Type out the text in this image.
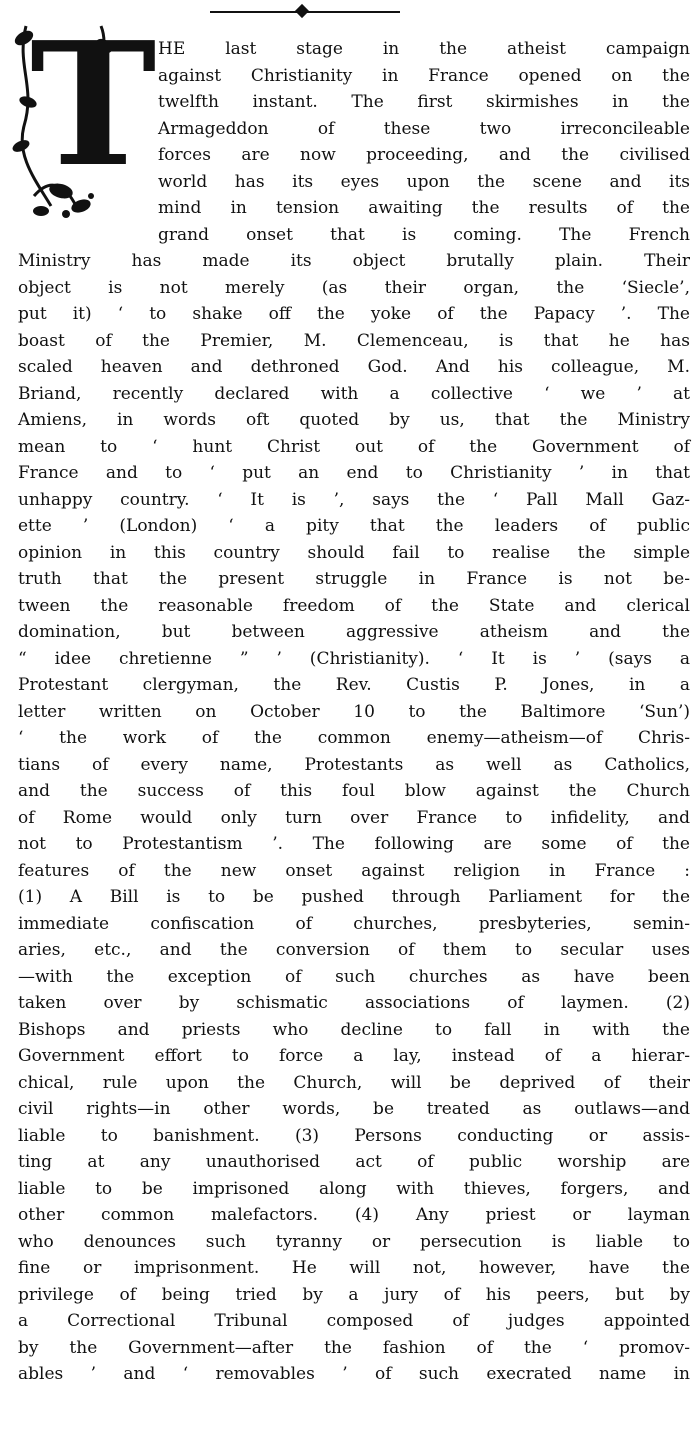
T HE last stage in the atheist campaign
against Christianity in France opened on the
twelfth instant. The first skirmishes in the
Armageddon of these two irreconcileable
forces are now proceeding, and the civilised
world has its eyes upon the scene and its
mind in tension awaiting the results of the
grand onset that is coming. The French
Ministry has made its object brutally plain. Their
object is not merely (as their organ, the ‘Siecle’,
put it) ‘ to shake off the yoke of the Papacy ’. The
boast of the Premier, M. Clemenceau, is that he has
scaled heaven and dethroned God. And his colleague, M.
Briand, recently declared with a collective ‘ we ’ at
Amiens, in words oft quoted by us, that the Ministry
mean to ‘ hunt Christ out of the Government of
France and to ‘ put an end to Christianity ’ in that
unhappy country. ‘ It is ’, says the ‘ Pall Mall Gaz-
ette ’ (London) ‘ a pity that the leaders of public
opinion in this country should fail to realise the simple
truth that the present struggle in France is not be-
tween the reasonable freedom of the State and clerical
domination, but between aggressive atheism and the
“ idee chretienne ” ’ (Christianity). ‘ It is ’ (says a
Protestant clergyman, the Rev. Custis P. Jones, in a
letter written on October 10 to the Baltimore ‘Sun’)
‘ the work of the common enemy—atheism—of Chris-
tians of every name, Protestants as well as Catholics,
and the success of this foul blow against the Church
of Rome would only turn over France to infidelity, and
not to Protestantism ’. The following are some of the
features of the new onset against religion in France :
(1) A Bill is to be pushed through Parliament for the
immediate confiscation of churches, presbyteries, semin-
aries, etc., and the conversion of them to secular uses
—with the exception of such churches as have been
taken over by schismatic associations of laymen. (2)
Bishops and priests who decline to fall in with the
Government effort to force a lay, instead of a hierar-
chical, rule upon the Church, will be deprived of their
civil rights—in other words, be treated as outlaws—and
liable to banishment. (3) Persons conducting or assis-
ting at any unauthorised act of public worship are
liable to be imprisoned along with thieves, forgers, and
other common malefactors. (4) Any priest or layman
who denounces such tyranny or persecution is liable to
fine or imprisonment. He will not, however, have the
privilege of being tried by a jury of his peers, but by
a Correctional Tribunal composed of judges appointed
by the Government—after the fashion of the ‘ promov-
ables ’ and ‘ removables ’ of such execrated name in
